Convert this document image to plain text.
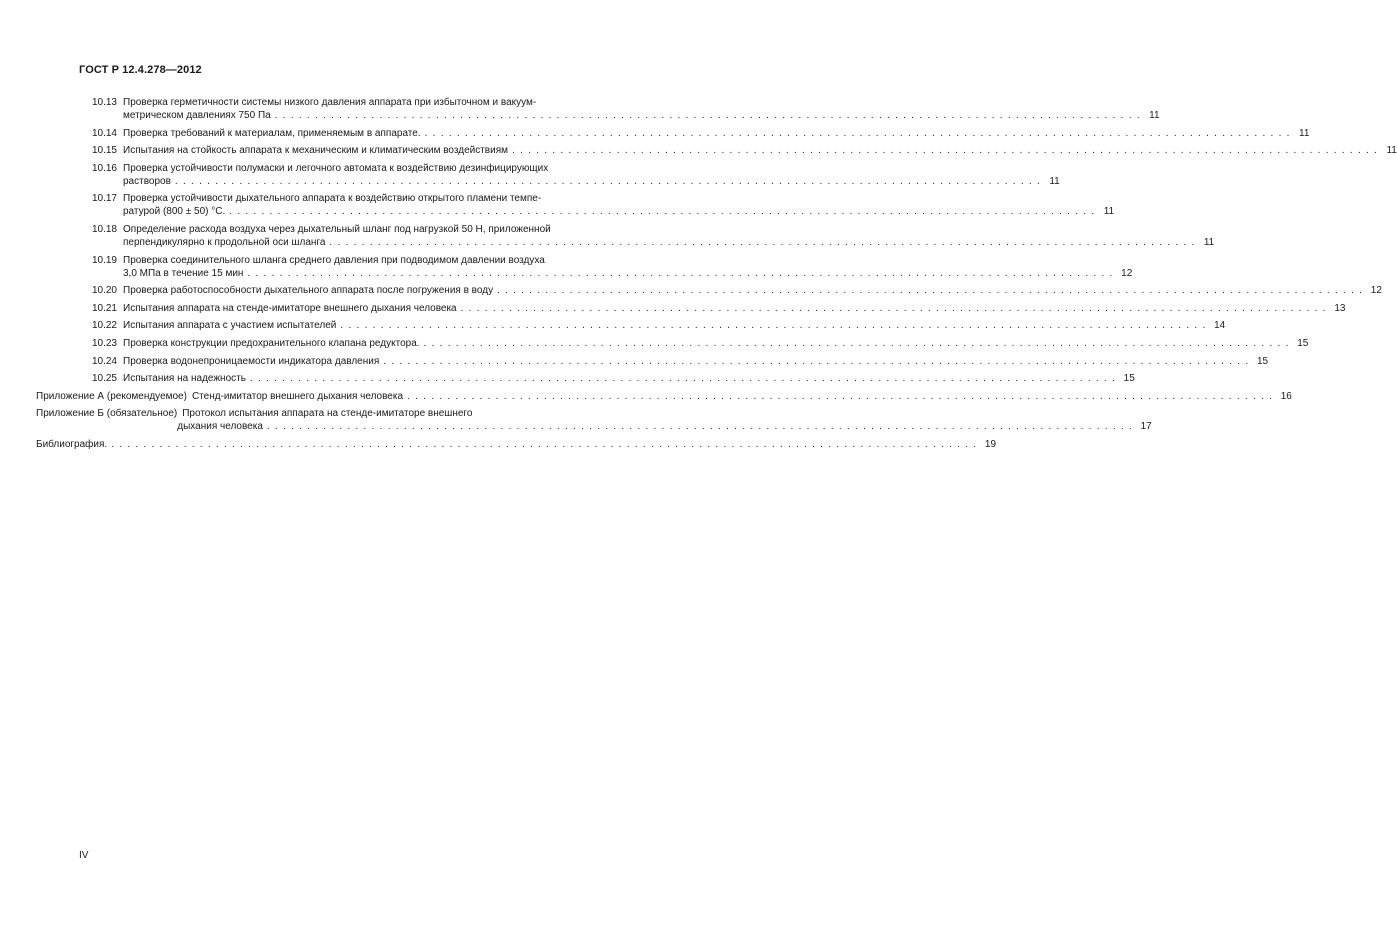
ГОСТ Р 12.4.278—2012
10.13 Проверка герметичности системы низкого давления аппарата при избыточном и вакуум-
метрическом давлениях 750 Па . . .	11
10.14 Проверка требований к материалам, применяемым в аппарате. . . .	11
10.15 Испытания на стойкость аппарата к механическим и климатическим воздействиям . . .	11
10.16 Проверка устойчивости полумаски и легочного автомата к воздействию дезинфицирующих
растворов . . .	11
10.17 Проверка устойчивости дыхательного аппарата к воздействию открытого пламени темпе-
ратурой (800 ± 50) °С. . . .	11
10.18 Определение расхода воздуха через дыхательный шланг под нагрузкой 50 Н, приложенной
перпендикулярно к продольной оси шланга . . .	11
10.19 Проверка соединительного шланга среднего давления при подводимом давлении воздуха
3,0 МПа в течение 15 мин . . .	12
10.20 Проверка работоспособности дыхательного аппарата после погружения в воду . . .	12
10.21 Испытания аппарата на стенде-имитаторе внешнего дыхания человека . . .	13
10.22 Испытания аппарата с участием испытателей . . .	14
10.23 Проверка конструкции предохранительного клапана редуктора. . . .	15
10.24 Проверка водонепроницаемости индикатора давления . . .	15
10.25 Испытания на надежность . . .	15
Приложение А (рекомендуемое) Стенд-имитатор внешнего дыхания человека . . .	16
Приложение Б (обязательное) Протокол испытания аппарата на стенде-имитаторе внешнего
дыхания человека . . .	17
Библиография. . . .	19
IV
